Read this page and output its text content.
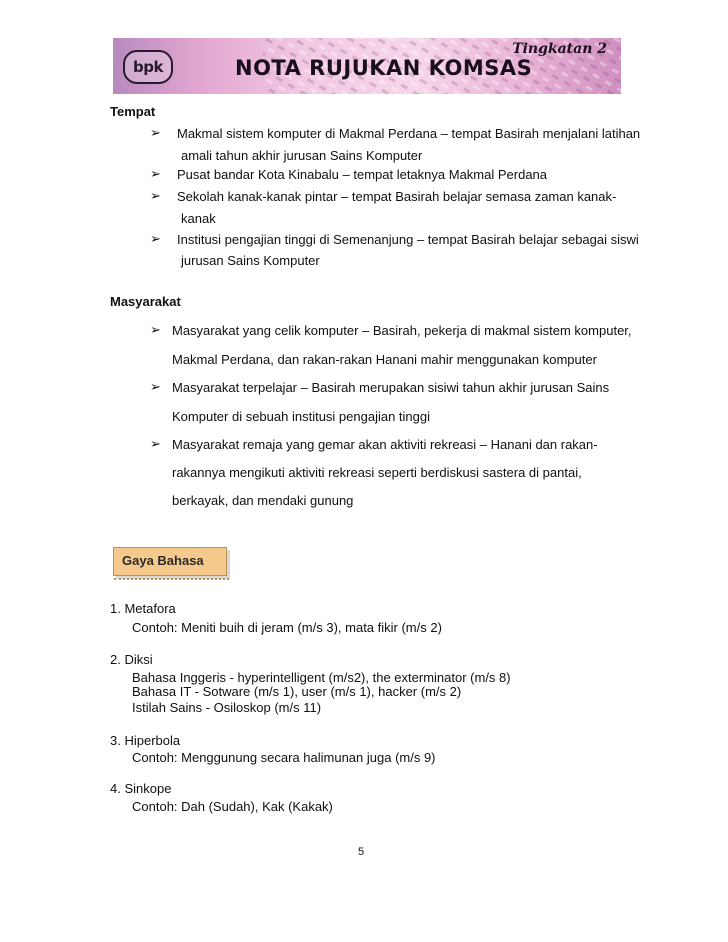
bpk
Tingkatan 2
NOTA RUJUKAN KOMSAS
Tempat
➢ Makmal sistem komputer di Makmal Perdana – tempat Basirah menjalani latihan
amali tahun akhir jurusan Sains Komputer
➢ Pusat bandar Kota Kinabalu – tempat letaknya Makmal Perdana
➢ Sekolah kanak-kanak pintar – tempat Basirah belajar semasa zaman kanak-
kanak
➢ Institusi pengajian tinggi di Semenanjung – tempat Basirah belajar sebagai siswi
jurusan Sains Komputer
Masyarakat
➢ Masyarakat yang celik komputer – Basirah, pekerja di makmal sistem komputer,
Makmal Perdana, dan rakan-rakan Hanani mahir menggunakan komputer
➢ Masyarakat terpelajar – Basirah merupakan sisiwi tahun akhir jurusan Sains
Komputer di sebuah institusi pengajian tinggi
➢ Masyarakat remaja yang gemar akan aktiviti rekreasi – Hanani dan rakan-
rakannya mengikuti aktiviti rekreasi seperti berdiskusi sastera di pantai,
berkayak, dan mendaki gunung
Gaya Bahasa
1. Metafora
Contoh: Meniti buih di jeram (m/s 3), mata fikir (m/s 2)
2. Diksi
Bahasa Inggeris - hyperintelligent (m/s2), the exterminator (m/s 8)
Bahasa IT - Sotware (m/s 1), user (m/s 1), hacker (m/s 2)
Istilah Sains - Osiloskop (m/s 11)
3. Hiperbola
Contoh: Menggunung secara halimunan juga (m/s 9)
4. Sinkope
Contoh: Dah (Sudah), Kak (Kakak)
5
